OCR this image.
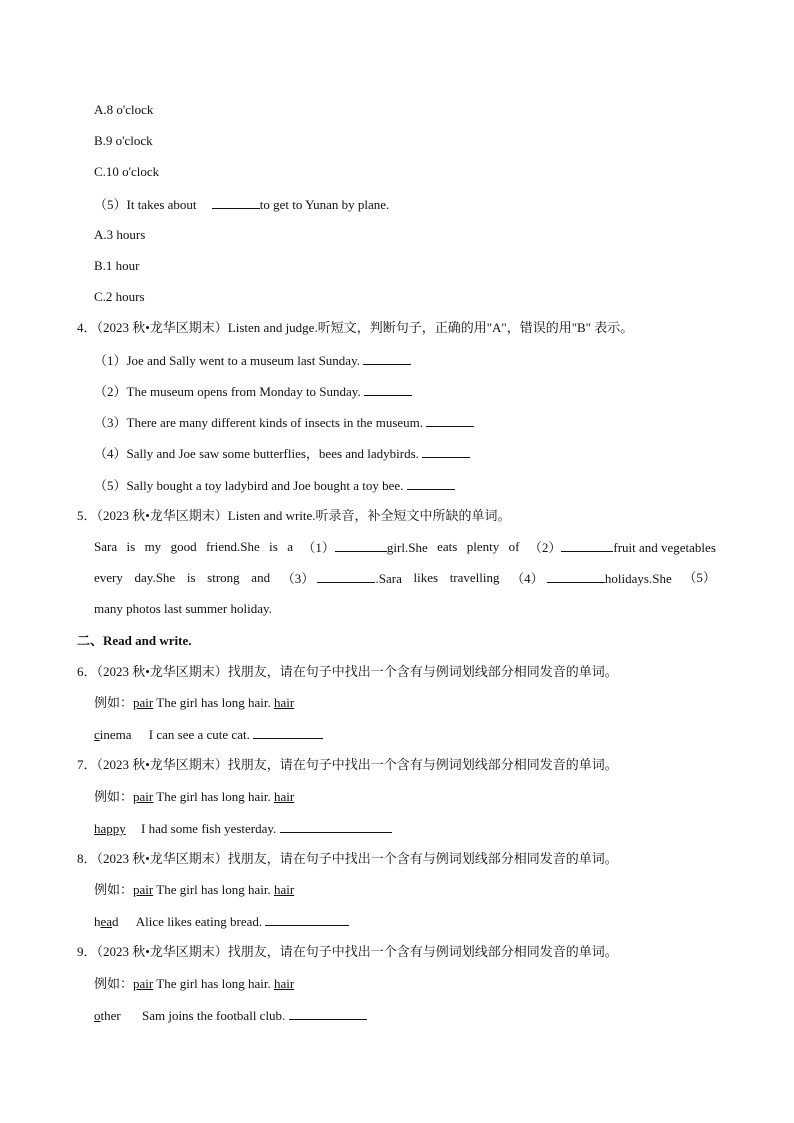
A.8 o'clock
B.9 o'clock
C.10 o'clock
（5）It takes about	to get to Yunan by plane.
A.3 hours
B.1 hour
C.2 hours
4．（2023 秋•龙华区期末）Listen and judge.听短文，判断句子，正确的用"A"，错误的用"B" 表示。
（1）Joe and Sally went to a museum last Sunday.
（2）The museum opens from Monday to Sunday.
（3）There are many different kinds of insects in the museum.
（4）Sally and Joe saw some butterflies，bees and ladybirds.
（5）Sally bought a toy ladybird and Joe bought a toy bee.
5．（2023 秋•龙华区期末）Listen and write.听录音，补全短文中所缺的单词。
Sara is my good friend.She is a （1）	girl.She eats plenty of （2）	fruit and vegetables
every day.She is strong and （3）	.Sara likes travelling （4）	holidays.She （5）
many photos last summer holiday.
二、Read and write.
6．（2023 秋•龙华区期末）找朋友，请在句子中找出一个含有与例词划线部分相同发音的单词。
例如：pair The girl has long hair. hair
cinema I can see a cute cat.
7．（2023 秋•龙华区期末）找朋友，请在句子中找出一个含有与例词划线部分相同发音的单词。
例如：pair The girl has long hair. hair
happy I had some fish yesterday.
8．（2023 秋•龙华区期末）找朋友，请在句子中找出一个含有与例词划线部分相同发音的单词。
例如：pair The girl has long hair. hair
head Alice likes eating bread.
9．（2023 秋•龙华区期末）找朋友，请在句子中找出一个含有与例词划线部分相同发音的单词。
例如：pair The girl has long hair. hair
other Sam joins the football club.
